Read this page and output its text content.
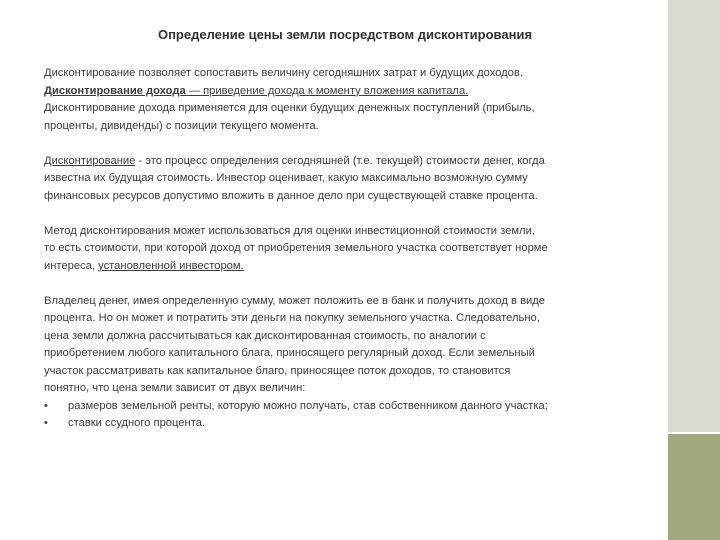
Определение цены земли посредством дисконтирования

Дисконтирование позволяет сопоставить величину сегодняшних затрат и будущих доходов.
Дисконтирование дохода — приведение дохода к моменту вложения капитала.
Дисконтирование дохода применяется для оценки будущих денежных поступлений (прибыль,
проценты, дивиденды) с позиции текущего момента.

Дисконтирование - это процесс определения сегодняшней (т.е. текущей) стоимости денег, когда
известна их будущая стоимость. Инвестор оценивает, какую максимально возможную сумму
финансовых ресурсов допустимо вложить в данное дело при существующей ставке процента.

Метод дисконтирования может использоваться для оценки инвестиционной стоимости земли,
то есть стоимости, при которой доход от приобретения земельного участка соответствует норме
интереса, установленной инвестором.

Владелец денег, имея определенную сумму, может положить ее в банк и получить доход в виде
процента. Но он может и потратить эти деньги на покупку земельного участка. Следовательно,
цена земли должна рассчитываться как дисконтированная стоимость, по аналогии с
приобретением любого капитального блага, приносящего регулярный доход. Если земельный
участок рассматривать как капитальное благо, приносящее поток доходов, то становится
понятно, что цена земли зависит от двух величин:

•	размеров земельной ренты, которую можно получать, став собственником данного участка;
•	ставки ссудного процента.
